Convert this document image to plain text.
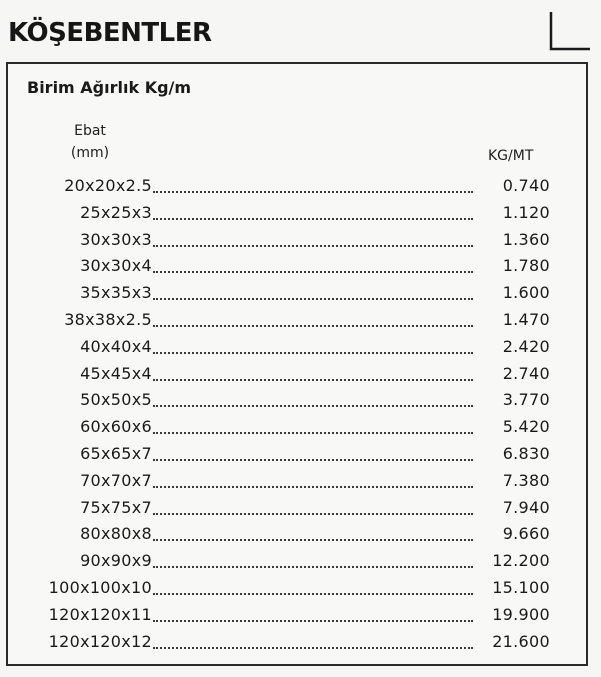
KÖŞEBENTLER
Birim Ağırlık Kg/m
Ebat
(mm)	KG/MT
20x20x2.5	0.740
25x25x3	1.120
30x30x3	1.360
30x30x4	1.780
35x35x3	1.600
38x38x2.5	1.470
40x40x4	2.420
45x45x4	2.740
50x50x5	3.770
60x60x6	5.420
65x65x7	6.830
70x70x7	7.380
75x75x7	7.940
80x80x8	9.660
90x90x9	12.200
100x100x10	15.100
120x120x11	19.900
120x120x12	21.600
